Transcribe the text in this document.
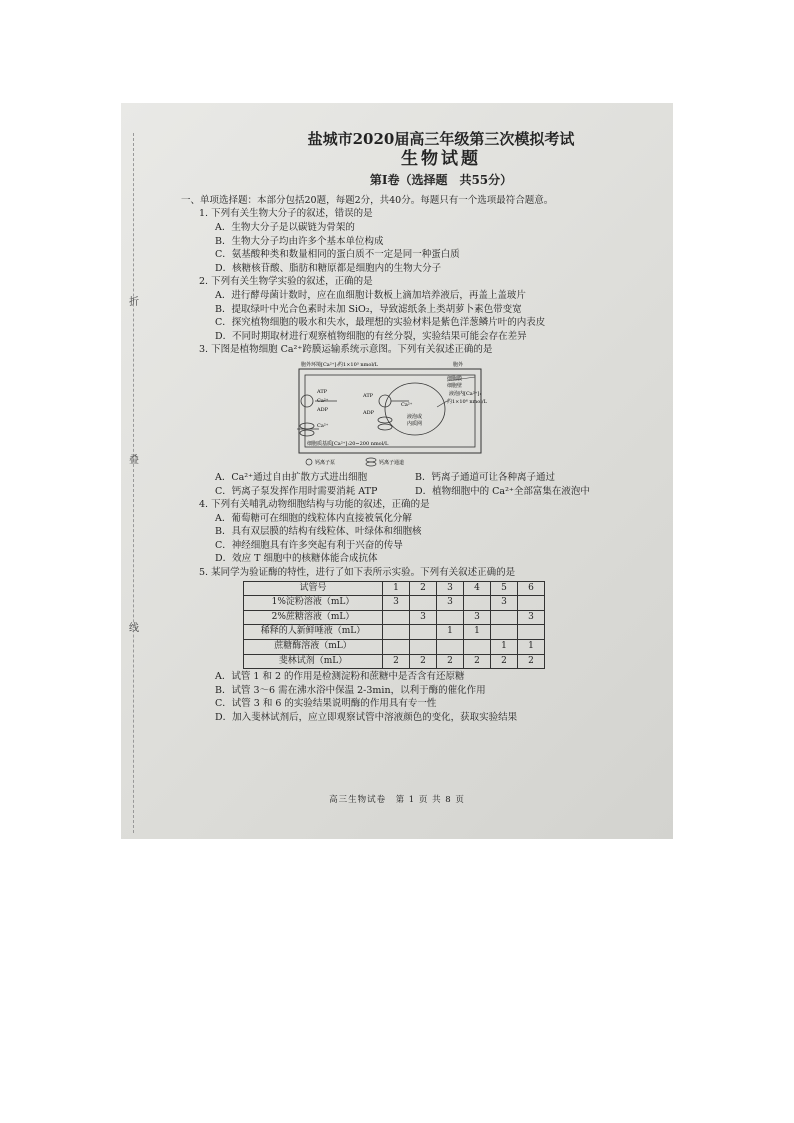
折
叠
线
盐城市2020届高三年级第三次模拟考试
生物试题
第Ⅰ卷（选择题　共55分）
一、单项选择题：本部分包括20题，每题2分，共40分。每题只有一个选项最符合题意。
1. 下列有关生物大分子的叙述，错误的是
A．生物大分子是以碳链为骨架的
B．生物大分子均由许多个基本单位构成
C．氨基酸种类和数量相同的蛋白质不一定是同一种蛋白质
D．核糖核苷酸、脂肪和糖原都是细胞内的生物大分子
2. 下列有关生物学实验的叙述，正确的是
A．进行酵母菌计数时，应在血细胞计数板上滴加培养液后，再盖上盖玻片
B．提取绿叶中光合色素时未加 SiO₂，导致滤纸条上类胡萝卜素色带变宽
C．探究植物细胞的吸水和失水，最理想的实验材料是紫色洋葱鳞片叶的内表皮
D．不同时期取材进行观察植物细胞的有丝分裂，实验结果可能会存在差异
3. 下图是植物细胞 Ca²⁺跨膜运输系统示意图。下列有关叙述正确的是
胞外环境[Ca²⁺]:约1×10³ nmol/L	胞外
细胞膜
细胞壁
ATP
Ca²⁺
ADP
ATP
ADP
Ca²⁺
Ca²⁺
液泡内[Ca²⁺]:
约1×10⁶ nmol/L
液泡或
内质网
细胞质基质[Ca²⁺]:20~200 nmol/L
钙离子泵	钙离子通道
A．Ca²⁺通过自由扩散方式进出细胞	B．钙离子通道可让各种离子通过
C．钙离子泵发挥作用时需要消耗 ATP	D．植物细胞中的 Ca²⁺全部富集在液泡中
4. 下列有关哺乳动物细胞结构与功能的叙述，正确的是
A．葡萄糖可在细胞的线粒体内直接被氧化分解
B．具有双层膜的结构有线粒体、叶绿体和细胞核
C．神经细胞具有许多突起有利于兴奋的传导
D．效应 T 细胞中的核糖体能合成抗体
5. 某同学为验证酶的特性，进行了如下表所示实验。下列有关叙述正确的是
试管号	1	2	3	4	5	6
1%淀粉溶液（mL）	3		3		3	
2%蔗糖溶液（mL）		3		3		3
稀释的人新鲜唾液（mL）			1	1		
蔗糖酶溶液（mL）					1	1
斐林试剂（mL）	2	2	2	2	2	2
A．试管 1 和 2 的作用是检测淀粉和蔗糖中是否含有还原糖
B．试管 3～6 需在沸水浴中保温 2-3min，以利于酶的催化作用
C．试管 3 和 6 的实验结果说明酶的作用具有专一性
D．加入斐林试剂后，应立即观察试管中溶液颜色的变化，获取实验结果
高三生物试卷　第 1 页 共 8 页
